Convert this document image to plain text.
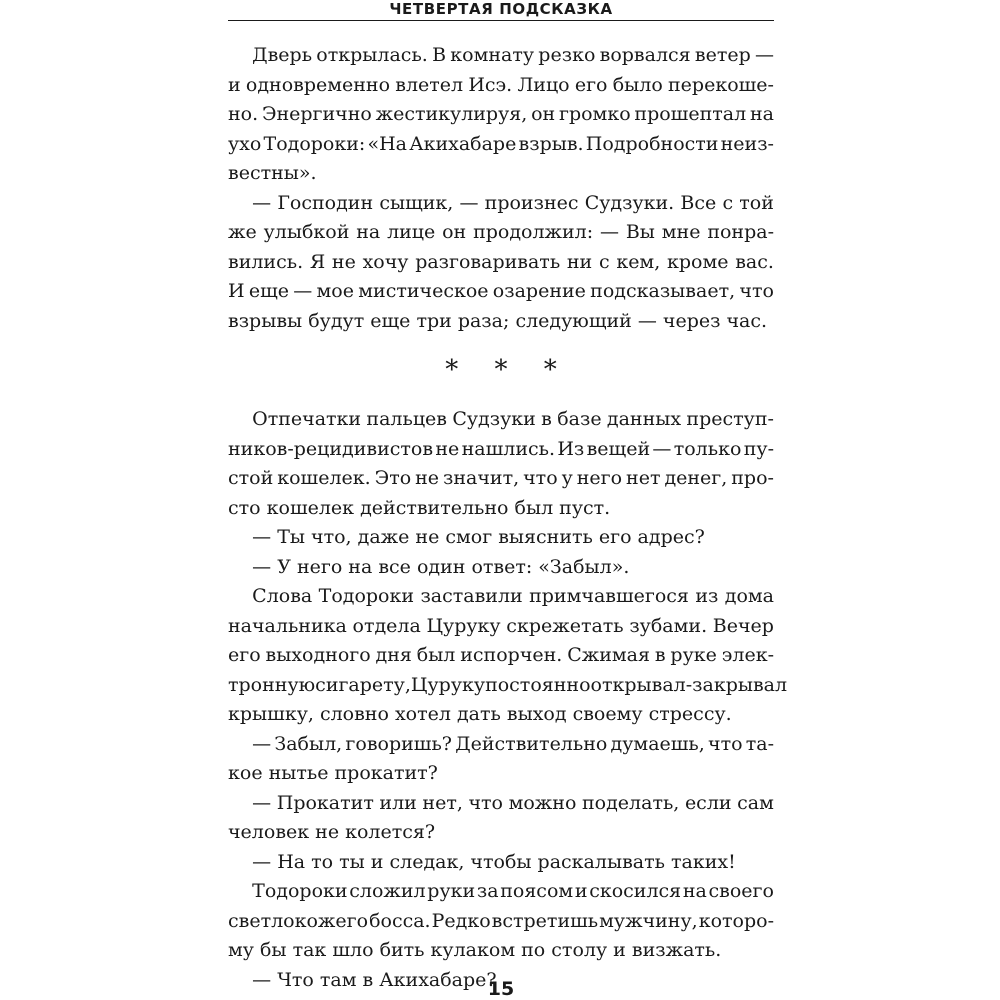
ЧЕТВЕРТАЯ ПОДСКАЗКА
Дверь открылась. В комнату резко ворвался ветер —
и одновременно влетел Исэ. Лицо его было перекоше-
но. Энергично жестикулируя, он громко прошептал на
ухо Тодороки: «На Акихабаре взрыв. Подробности неиз-
вестны».
— Господин сыщик, — произнес Судзуки. Все с той
же улыбкой на лице он продолжил: — Вы мне понра-
вились. Я не хочу разговаривать ни с кем, кроме вас.
И еще — мое мистическое озарение подсказывает, что
взрывы будут еще три раза; следующий — через час.
* * *
Отпечатки пальцев Судзуки в базе данных преступ-
ников-рецидивистов не нашлись. Из вещей — только пу-
стой кошелек. Это не значит, что у него нет денег, про-
сто кошелек действительно был пуст.
— Ты что, даже не смог выяснить его адрес?
— У него на все один ответ: «Забыл».
Слова Тодороки заставили примчавшегося из дома
начальника отдела Цуруку скрежетать зубами. Вечер
его выходного дня был испорчен. Сжимая в руке элек-
тронную сигарету, Цуруку постоянно открывал-закрывал
крышку, словно хотел дать выход своему стрессу.
— Забыл, говоришь? Действительно думаешь, что та-
кое нытье прокатит?
— Прокатит или нет, что можно поделать, если сам
человек не колется?
— На то ты и следак, чтобы раскалывать таких!
Тодороки сложил руки за поясом и скосился на своего
светлокожего босса. Редко встретишь мужчину, которо-
му бы так шло бить кулаком по столу и визжать.
— Что там в Акихабаре?
15
